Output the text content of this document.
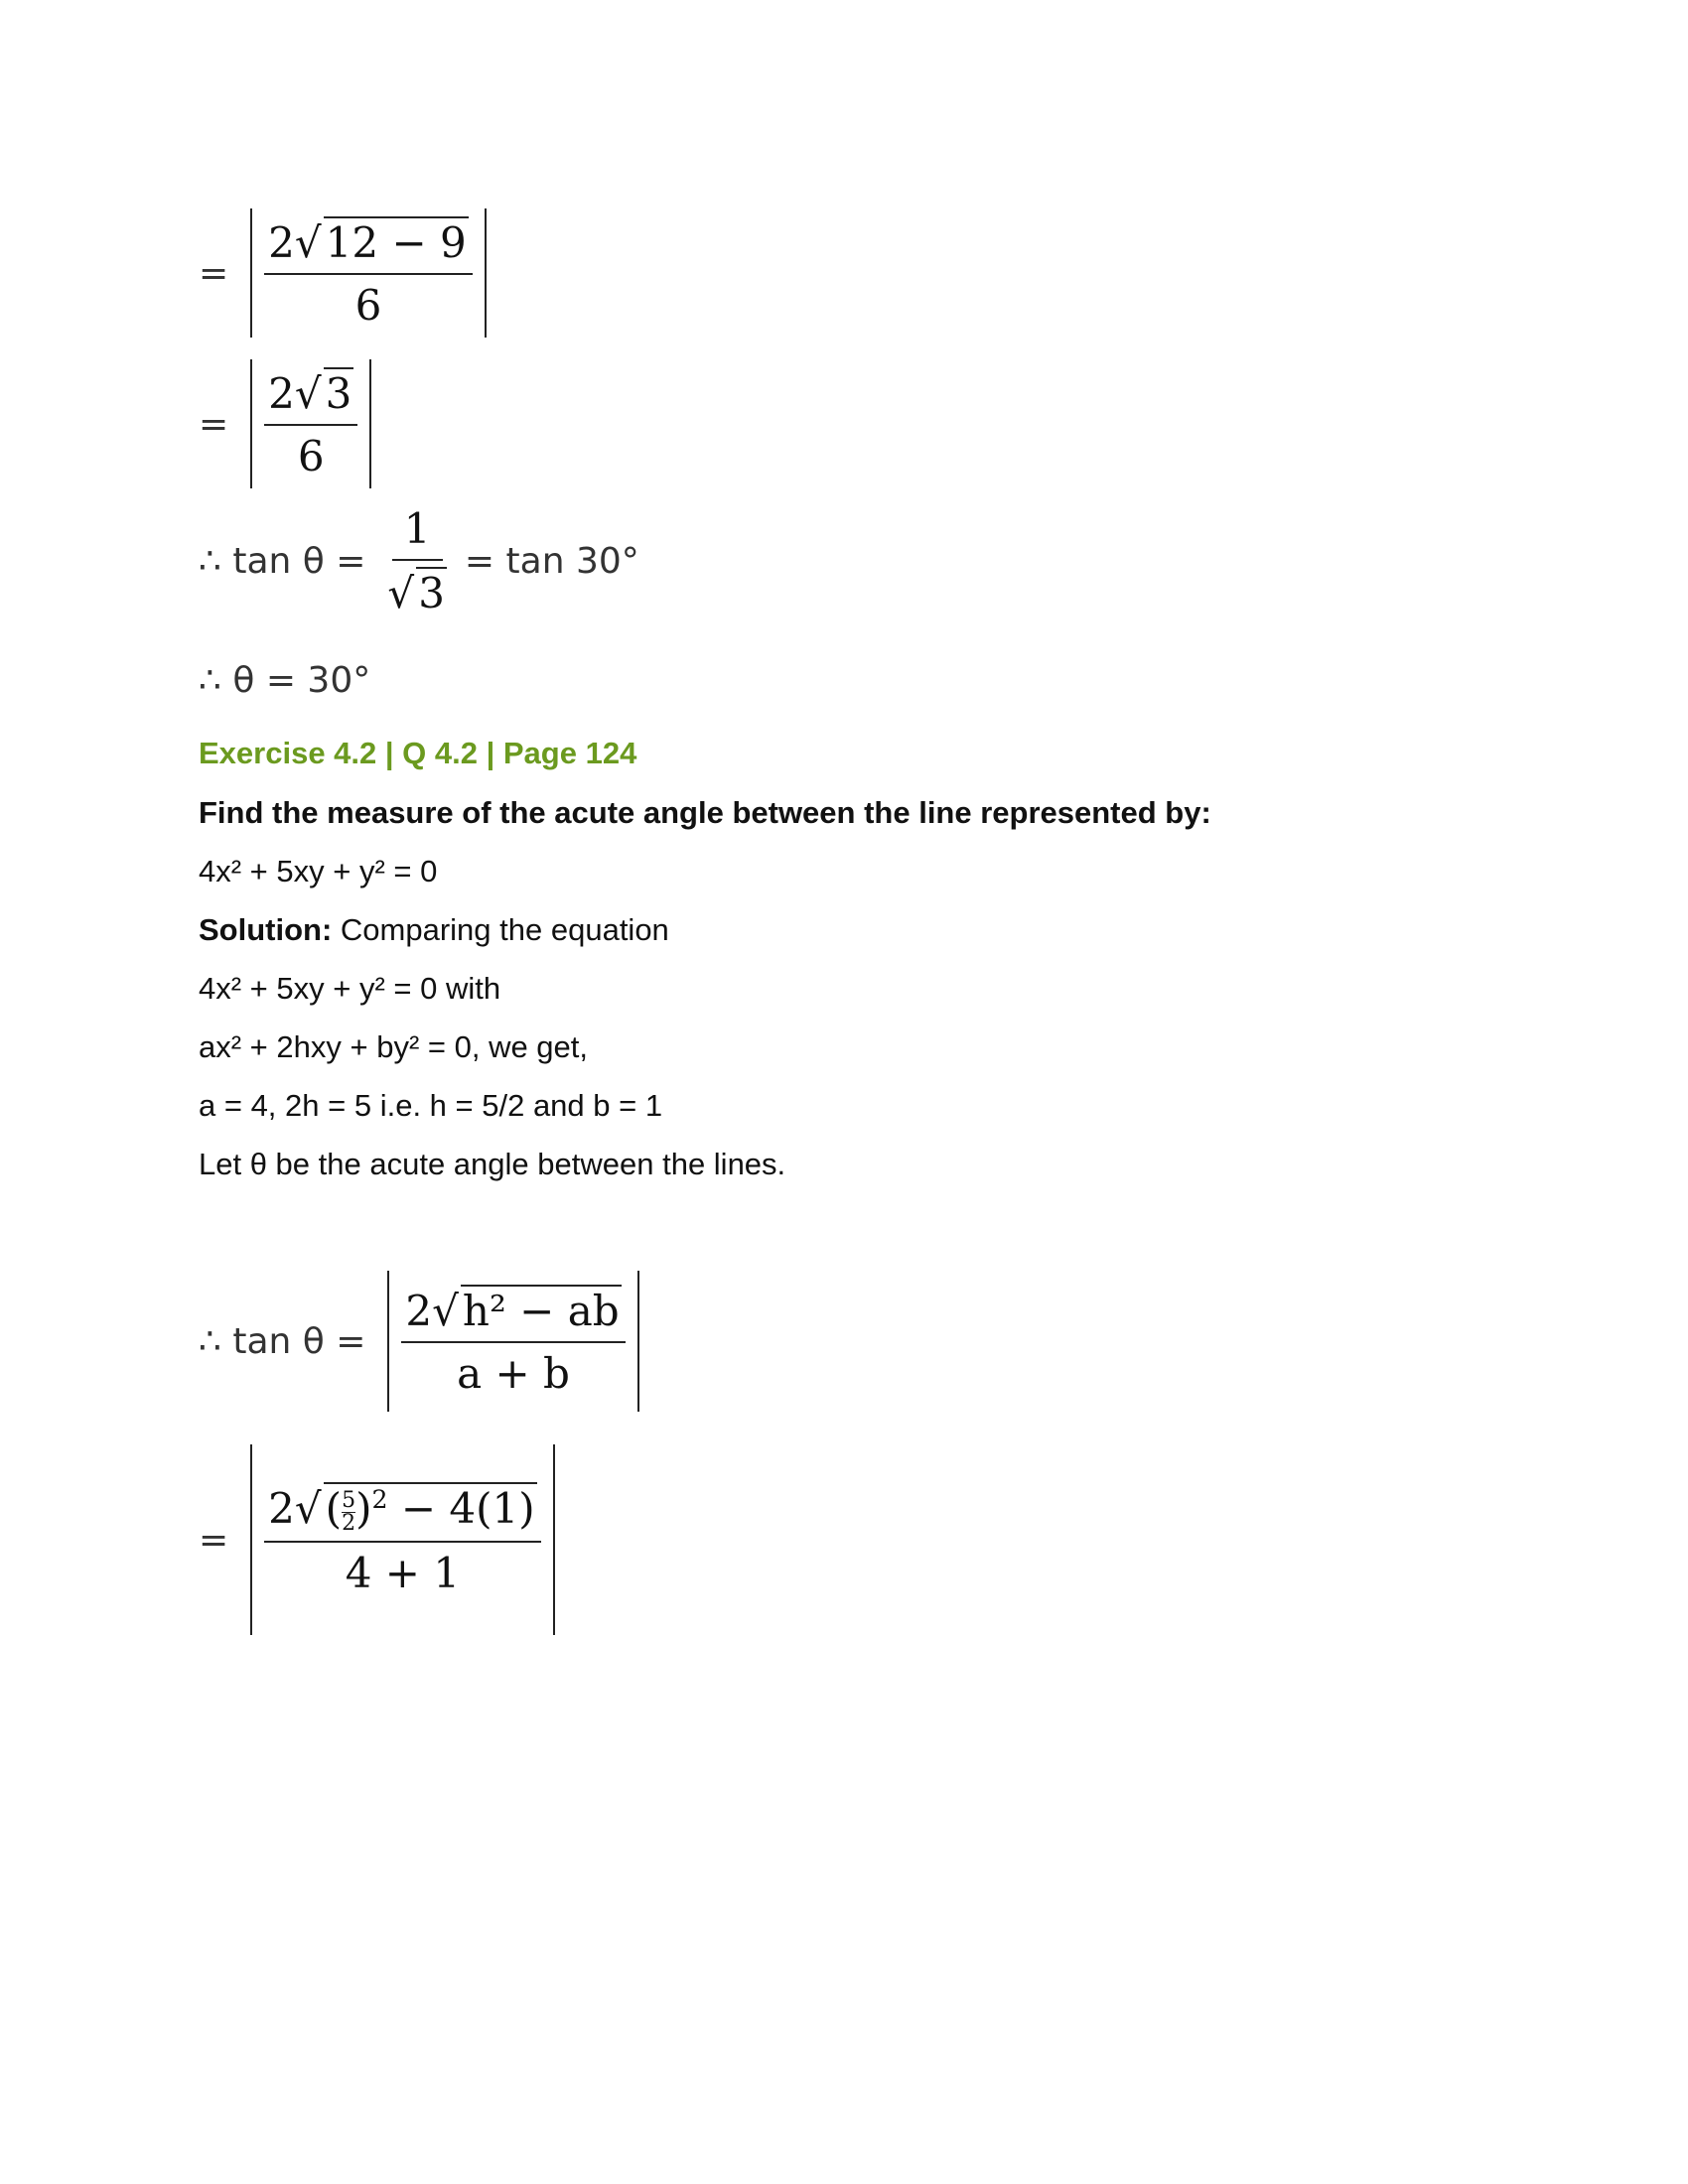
= $\frac{2√12 - 9}{6}$
= $\frac{2√3}{6}$
∴ $\tan \theta = \frac{1}{√3} = \tan 30^\circ$
∴ θ = 30°
Exercise 4.2 | Q 4.2 | Page 124
Find the measure of the acute angle between the line represented by:
4x² + 5xy + y² = 0
Solution: Comparing the equation
4x² + 5xy + y² = 0 with
ax² + 2hxy + by² = 0, we get,
a = 4, 2h = 5 i.e. h = 5/2 and b = 1
Let θ be the acute angle between the lines.
∴ $\tan \theta = \frac{\text{2√h² − ab}}{a + b}$
= $\frac{2√( \frac{5}{2} )^2 - 4(1)}{4 + 1}$
